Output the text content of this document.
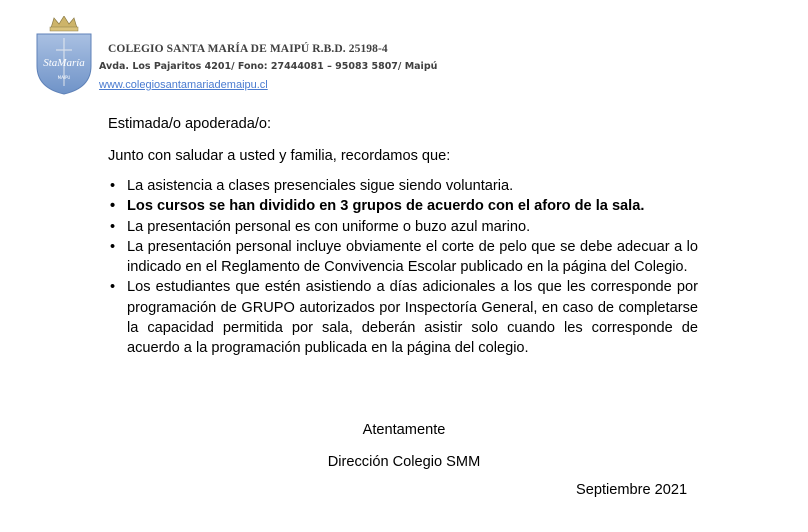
StaMaría
MAIPU
COLEGIO SANTA MARÍA DE MAIPÚ R.B.D. 25198-4
Avda. Los Pajaritos 4201/ Fono: 27444081 – 95083 5807/ Maipú
www.colegiosantamariademaipu.cl
Estimada/o apoderada/o:
Junto con saludar a usted y familia, recordamos que:
• La asistencia a clases presenciales sigue siendo voluntaria.
• Los cursos se han dividido en 3 grupos de acuerdo con el aforo de la sala.
• La presentación personal es con uniforme o buzo azul marino.
• La presentación personal incluye obviamente el corte de pelo que se debe adecuar a lo indicado en el Reglamento de Convivencia Escolar publicado en la página del Colegio.
• Los estudiantes que estén asistiendo a días adicionales a los que les corresponde por programación de GRUPO autorizados por Inspectoría General, en caso de completarse la capacidad permitida por sala, deberán asistir solo cuando les corresponde de acuerdo a la programación publicada en la página del colegio.
Atentamente
Dirección Colegio SMM
Septiembre 2021
